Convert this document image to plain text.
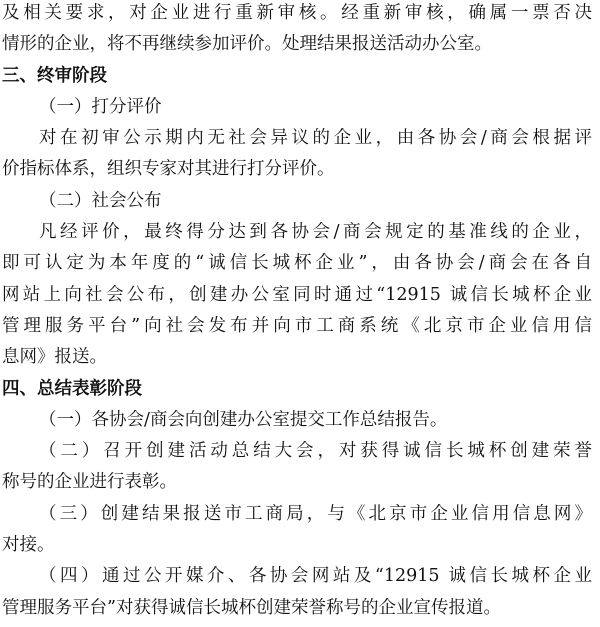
及相关要求，对企业进行重新审核。经重新审核，确属一票否决
情形的企业，将不再继续参加评价。处理结果报送活动办公室。
三、终审阶段
（一）打分评价
对在初审公示期内无社会异议的企业，由各协会/商会根据评
价指标体系，组织专家对其进行打分评价。
（二）社会公布
凡经评价，最终得分达到各协会/商会规定的基准线的企业，
即可认定为本年度的“诚信长城杯企业”，由各协会/商会在各自
网站上向社会公布，创建办公室同时通过“12915 诚信长城杯企业
管理服务平台”向社会发布并向市工商系统《北京市企业信用信
息网》报送。
四、总结表彰阶段
（一）各协会/商会向创建办公室提交工作总结报告。
（二）召开创建活动总结大会，对获得诚信长城杯创建荣誉
称号的企业进行表彰。
（三）创建结果报送市工商局，与《北京市企业信用信息网》
对接。
（四）通过公开媒介、各协会网站及“12915 诚信长城杯企业
管理服务平台”对获得诚信长城杯创建荣誉称号的企业宣传报道。
